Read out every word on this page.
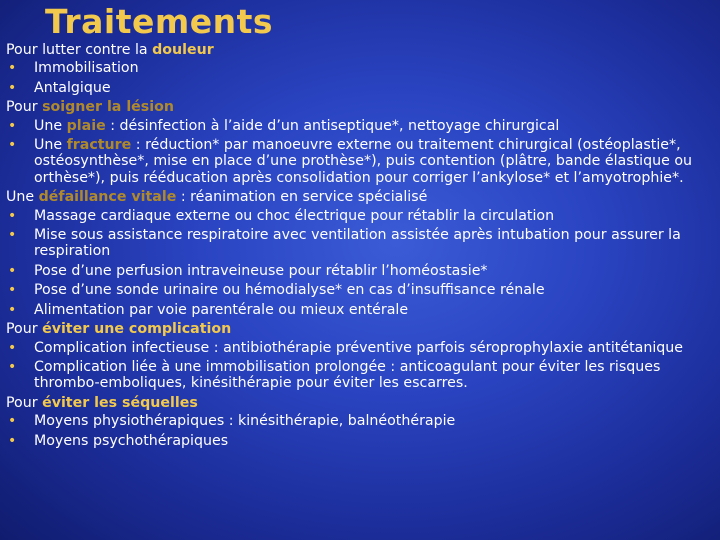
Traitements
Pour lutter contre la douleur
• Immobilisation
• Antalgique
Pour soigner la lésion
• Une plaie : désinfection à l’aide d’un antiseptique*, nettoyage chirurgical
• Une fracture : réduction* par manoeuvre externe ou traitement chirurgical (ostéoplastie*, ostéosynthèse*, mise en place d’une prothèse*), puis contention (plâtre, bande élastique ou orthèse*), puis rééducation après consolidation pour corriger l’ankylose* et l’amyotrophie*.
Une défaillance vitale : réanimation en service spécialisé
• Massage cardiaque externe ou choc électrique pour rétablir la circulation
• Mise sous assistance respiratoire avec ventilation assistée après intubation pour assurer la respiration
• Pose d’une perfusion intraveineuse pour rétablir l’homéostasie*
• Pose d’une sonde urinaire ou hémodialyse* en cas d’insuffisance rénale
• Alimentation par voie parentérale ou mieux entérale
Pour éviter une complication
• Complication infectieuse : antibiothérapie préventive parfois séroprophylaxie antitétanique
• Complication liée à une immobilisation prolongée : anticoagulant pour éviter les risques thrombo-emboliques, kinésithérapie pour éviter les escarres.
Pour éviter les séquelles
• Moyens physiothérapiques : kinésithérapie, balnéothérapie
• Moyens psychothérapiques
